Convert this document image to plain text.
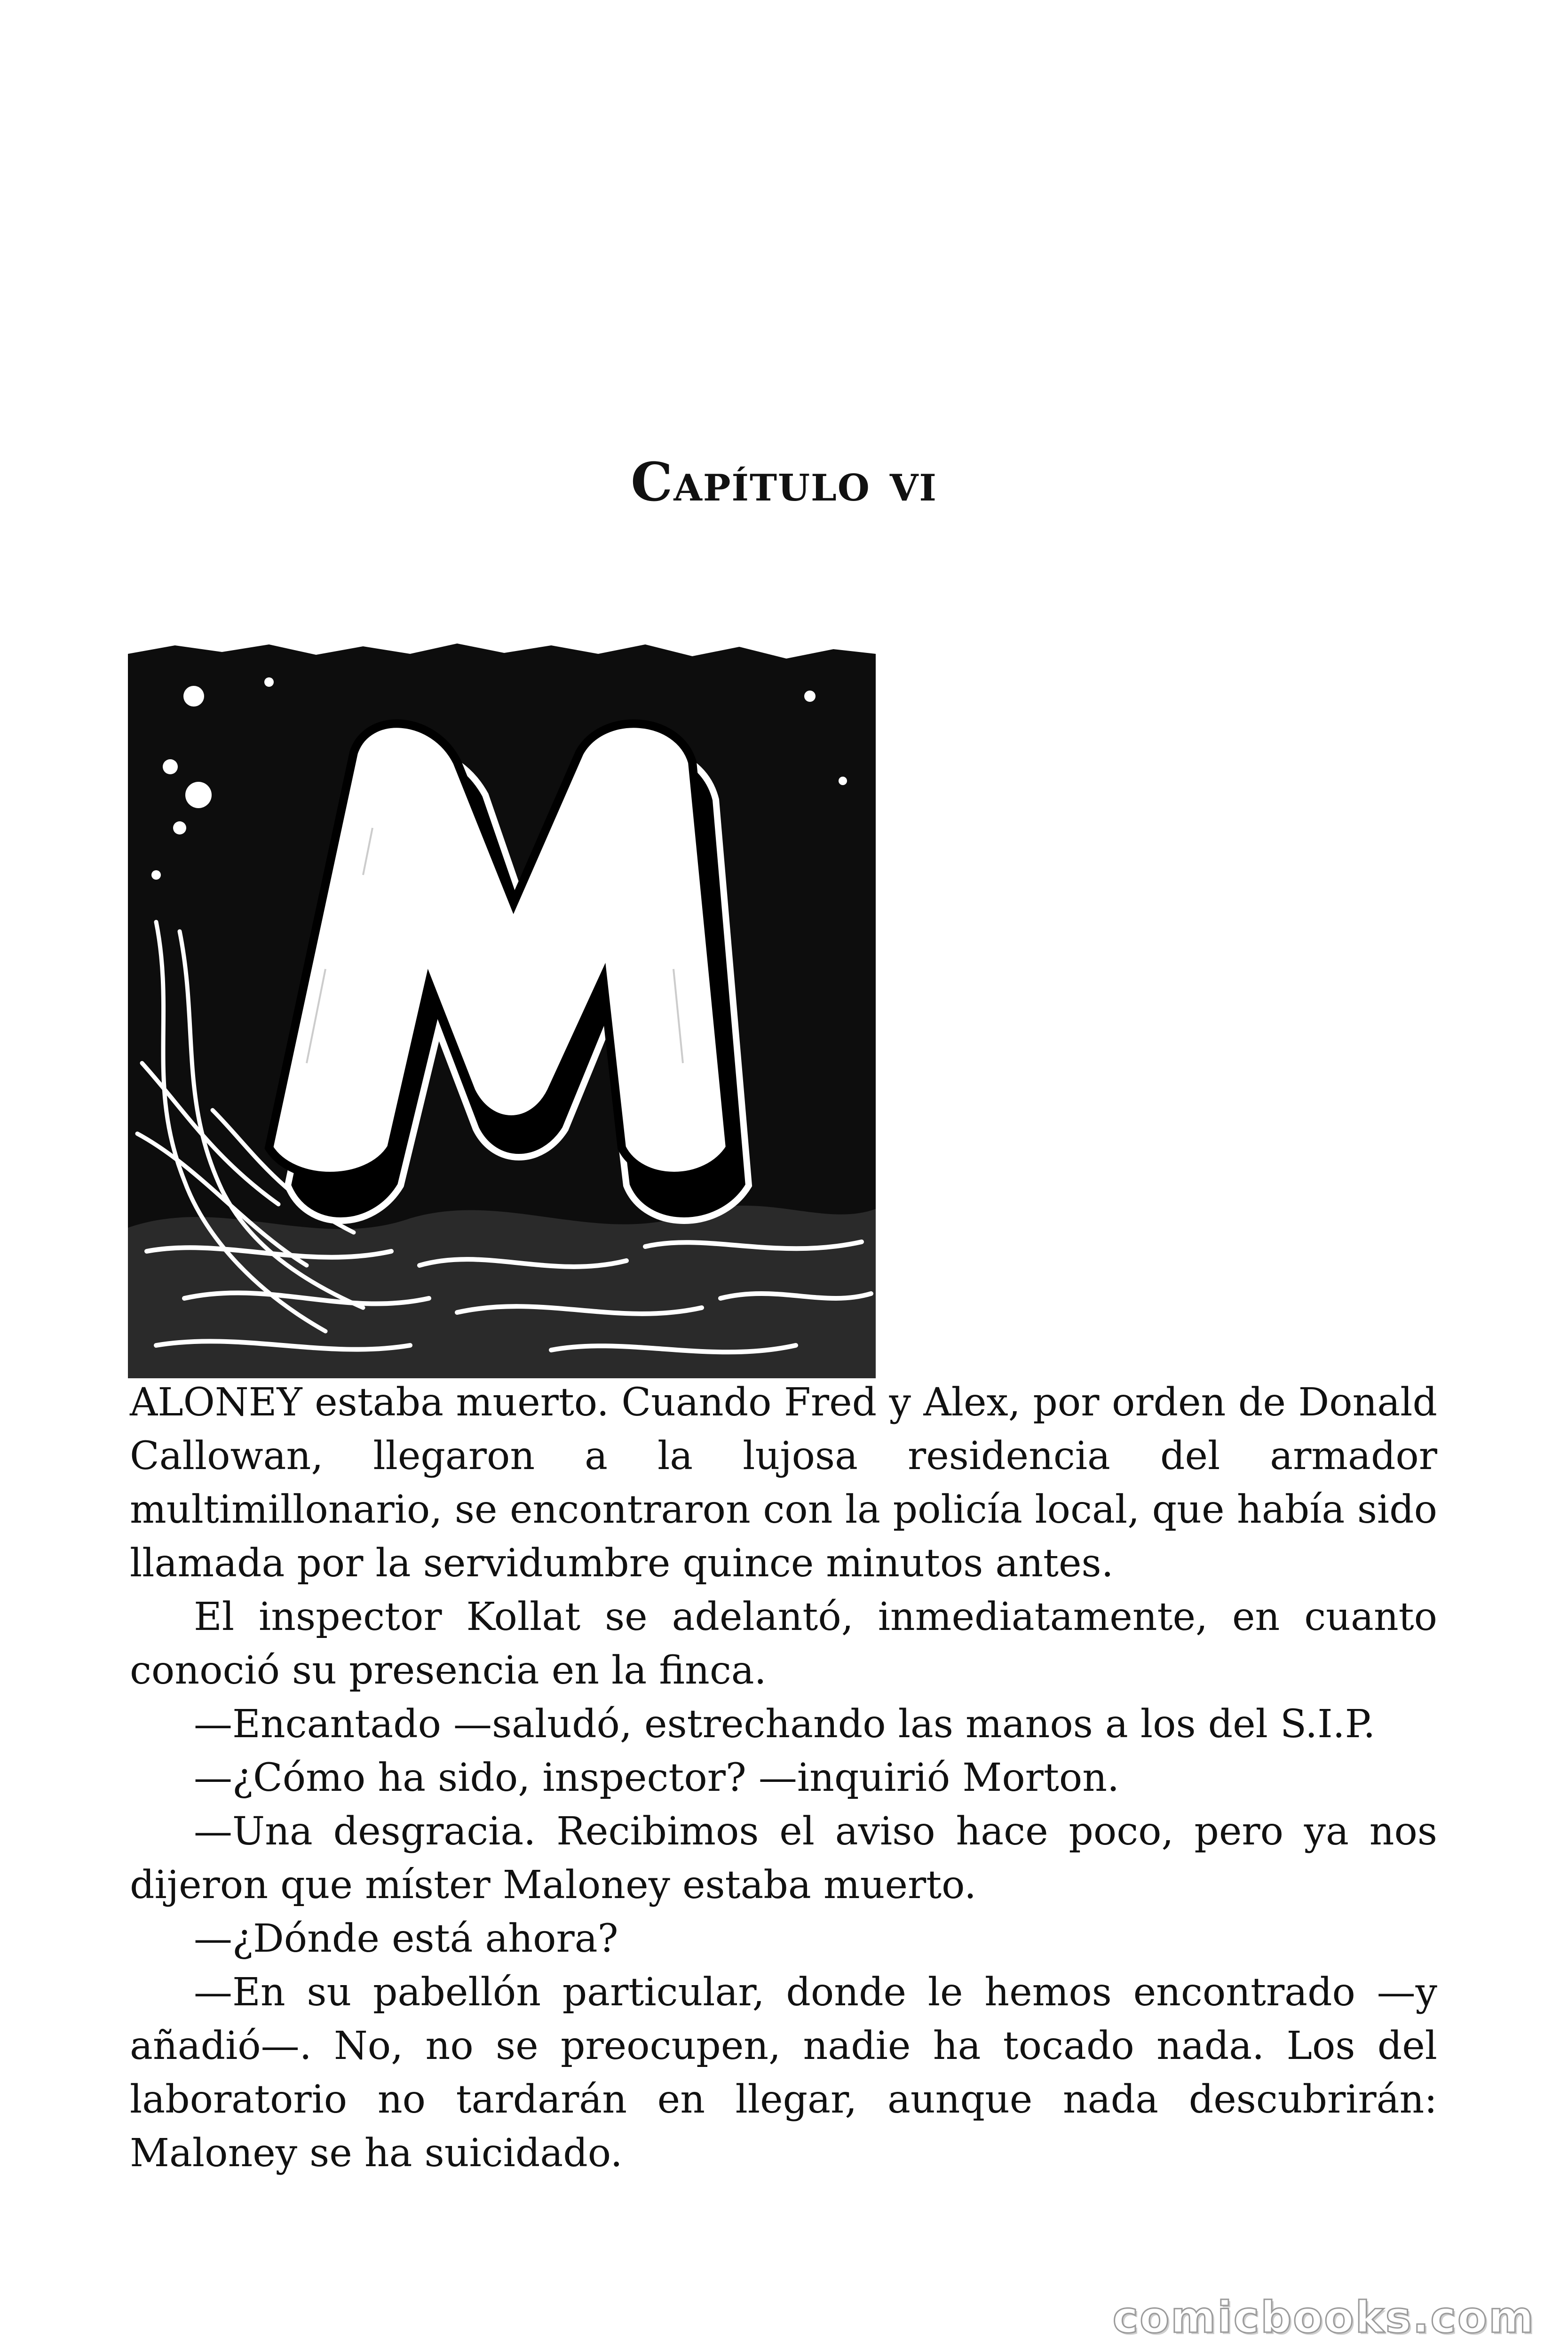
Capítulo vi

ALONEY estaba muerto. Cuando Fred y Alex, por orden de Donald Callowan, llegaron a la lujosa residencia del armador multimillonario, se encontraron con la policía local, que había sido llamada por la servidumbre quince minutos antes.

El inspector Kollat se adelantó, inmediatamente, en cuanto conoció su presencia en la finca.

—Encantado —saludó, estrechando las manos a los del S.I.P.

—¿Cómo ha sido, inspector? —inquirió Morton.

—Una desgracia. Recibimos el aviso hace poco, pero ya nos dijeron que míster Maloney estaba muerto.

—¿Dónde está ahora?

—En su pabellón particular, donde le hemos encontrado —y añadió—. No, no se preocupen, nadie ha tocado nada. Los del laboratorio no tardarán en llegar, aunque nada descubrirán: Maloney se ha suicidado.

comicbooks.com
